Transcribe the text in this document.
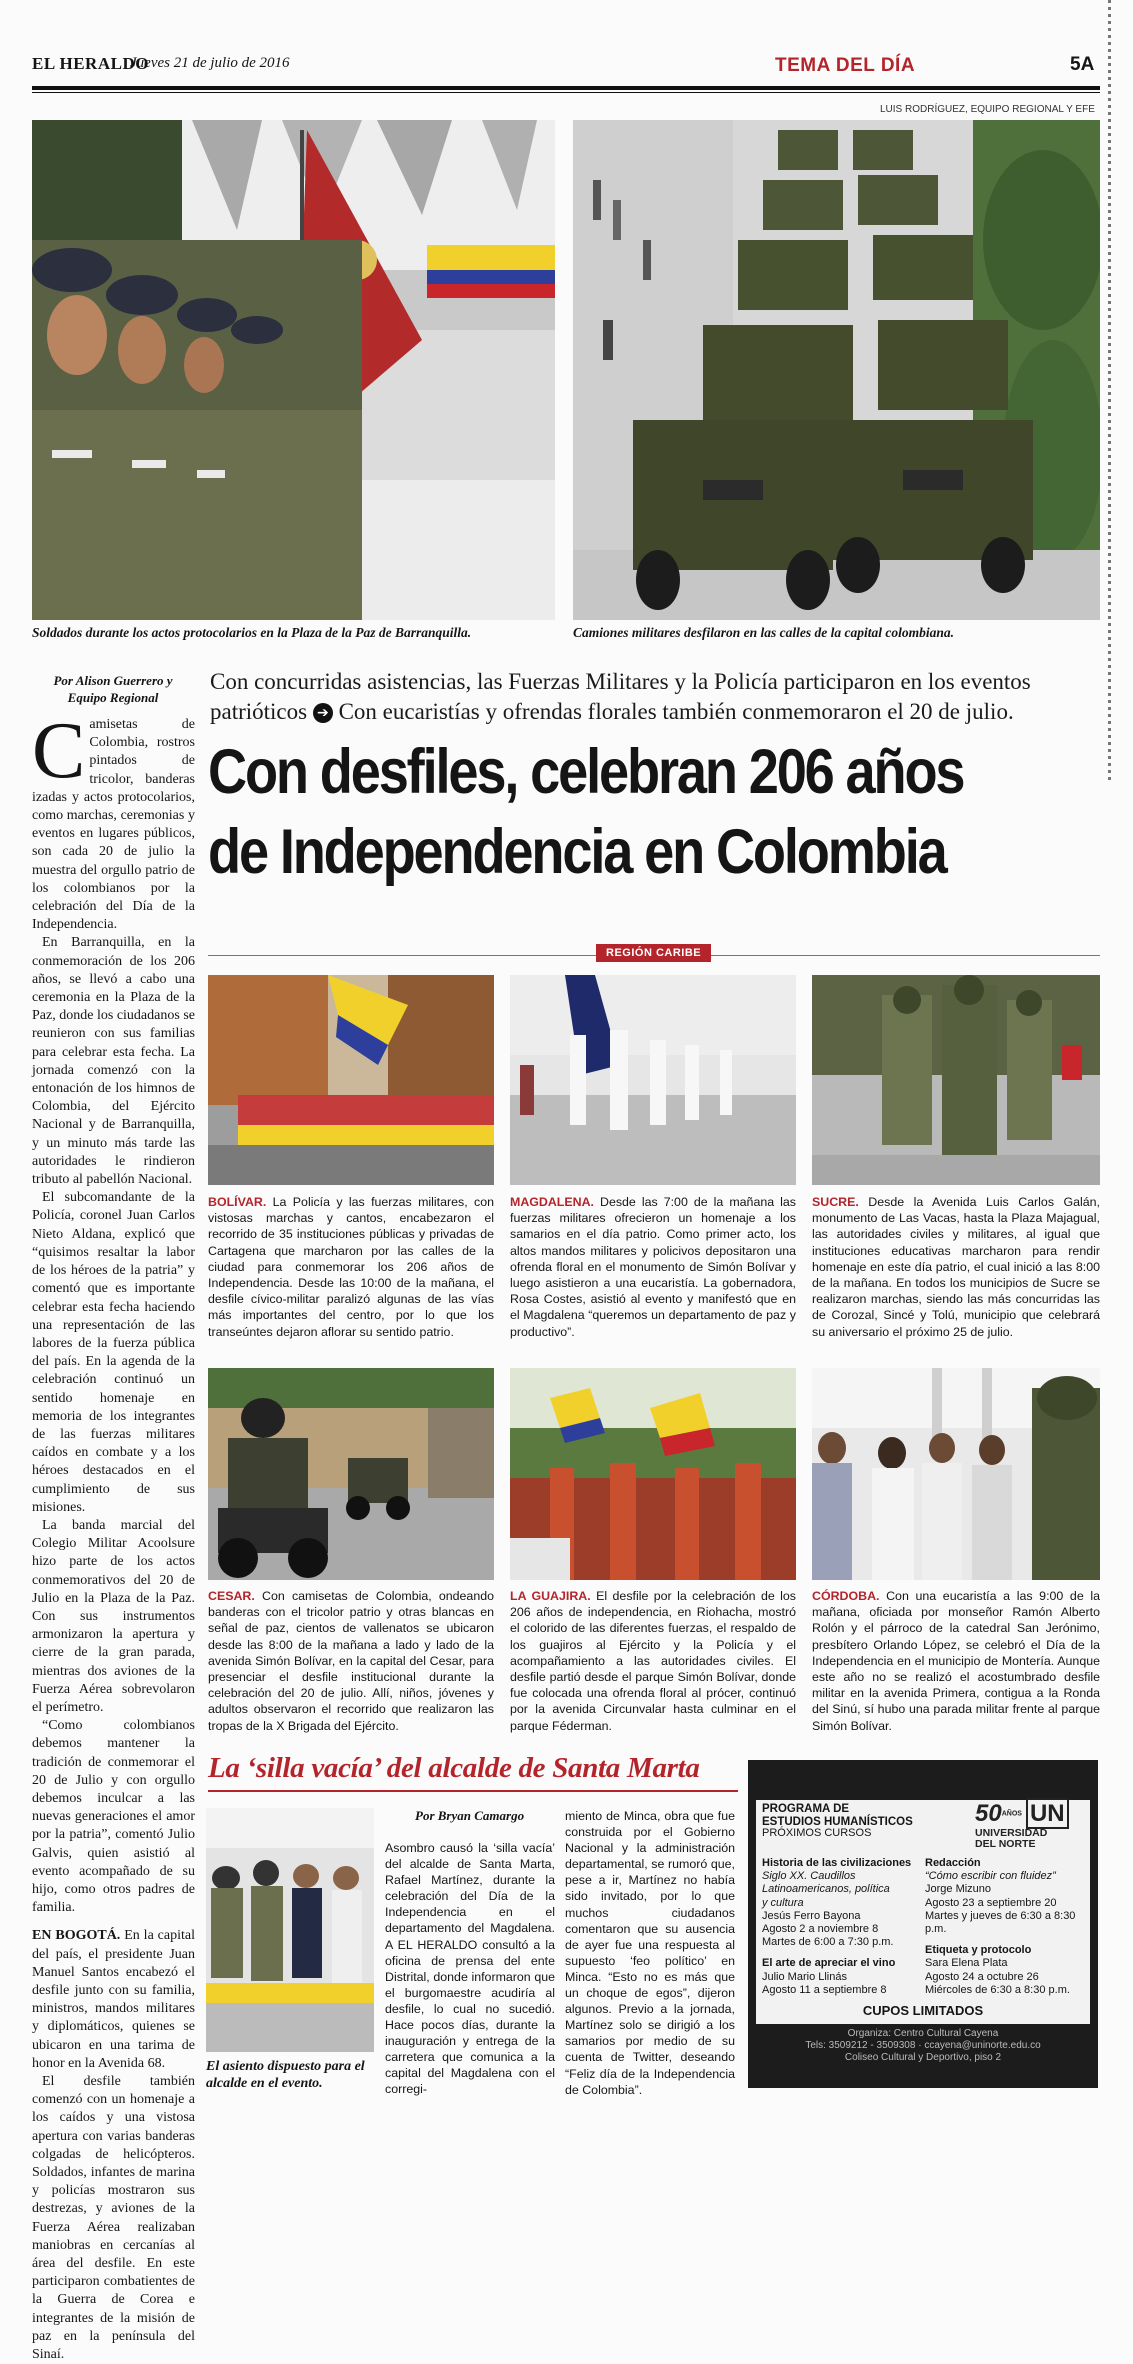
EL HERALDO
Jueves 21 de julio de 2016	TEMA DEL DÍA	5A
LUIS RODRÍGUEZ, EQUIPO REGIONAL Y EFE
Soldados durante los actos protocolarios en la Plaza de la Paz de Barranquilla.	Camiones militares desfilaron en las calles de la capital colombiana.
Por Alison Guerrero y Equipo Regional
Con concurridas asistencias, las Fuerzas Militares y la Policía participaron en los eventos patrióticos ➔ Con eucaristías y ofrendas florales también conmemoraron el 20 de julio.
Con desfiles, celebran 206 años
de Independencia en Colombia
REGIÓN CARIBE

Camisetas de Colombia, rostros pintados de tricolor, banderas izadas y actos protocolarios, como marchas, ceremonias y eventos en lugares públicos, son cada 20 de julio la muestra del orgullo patrio de los colombianos por la celebración del Día de la Independencia.

En Barranquilla, en la conmemoración de los 206 años, se llevó a cabo una ceremonia en la Plaza de la Paz, donde los ciudadanos se reunieron con sus familias para celebrar esta fecha. La jornada comenzó con la entonación de los himnos de Colombia, del Ejército Nacional y de Barranquilla, y un minuto más tarde las autoridades le rindieron tributo al pabellón Nacional.

El subcomandante de la Policía, coronel Juan Carlos Nieto Aldana, explicó que “quisimos resaltar la labor de los héroes de la patria” y comentó que es importante celebrar esta fecha haciendo una representación de las labores de la fuerza pública del país. En la agenda de la celebración continuó un sentido homenaje en memoria de los integrantes de las fuerzas militares caídos en combate y a los héroes destacados en el cumplimiento de sus misiones.

La banda marcial del Colegio Militar Acoolsure hizo parte de los actos conmemorativos del 20 de Julio en la Plaza de la Paz. Con sus instrumentos armonizaron la apertura y cierre de la gran parada, mientras dos aviones de la Fuerza Aérea sobrevolaron el perímetro.

“Como colombianos debemos mantener la tradición de conmemorar el 20 de Julio y con orgullo debemos inculcar a las nuevas generaciones el amor por la patria”, comentó Julio Galvis, quien asistió al evento acompañado de su hijo, como otros padres de familia.

EN BOGOTÁ. En la capital del país, el presidente Juan Manuel Santos encabezó el desfile junto con su familia, ministros, mandos militares y diplomáticos, quienes se ubicaron en una tarima de honor en la Avenida 68.

El desfile también comenzó con un homenaje a los caídos y una vistosa apertura con varias banderas colgadas de helicópteros. Soldados, infantes de marina y policías mostraron sus destrezas, y aviones de la Fuerza Aérea realizaban maniobras en cercanías al área del desfile. En este participaron combatientes de la Guerra de Corea e integrantes de la misión de paz en la península del Sinaí.

BOLÍVAR. La Policía y las fuerzas militares, con vistosas marchas y cantos, encabezaron el recorrido de 35 instituciones públicas y privadas de Cartagena que marcharon por las calles de la ciudad para conmemorar los 206 años de Independencia. Desde las 10:00 de la mañana, el desfile cívico-militar paralizó algunas de las vías más importantes del centro, por lo que los transeúntes dejaron aflorar su sentido patrio.
MAGDALENA. Desde las 7:00 de la mañana las fuerzas militares ofrecieron un homenaje a los samarios en el día patrio. Como primer acto, los altos mandos militares y policivos depositaron una ofrenda floral en el monumento de Simón Bolívar y luego asistieron a una eucaristía. La gobernadora, Rosa Costes, asistió al evento y manifestó que en el Magdalena “queremos un departamento de paz y productivo”.
SUCRE. Desde la Avenida Luis Carlos Galán, monumento de Las Vacas, hasta la Plaza Majagual, las autoridades civiles y militares, al igual que instituciones educativas marcharon para rendir homenaje en este día patrio, el cual inició a las 8:00 de la mañana. En todos los municipios de Sucre se realizaron marchas, siendo las más concurridas las de Corozal, Sincé y Tolú, municipio que celebrará su aniversario el próximo 25 de julio.
CESAR. Con camisetas de Colombia, ondeando banderas con el tricolor patrio y otras blancas en señal de paz, cientos de vallenatos se ubicaron desde las 8:00 de la mañana a lado y lado de la avenida Simón Bolívar, en la capital del Cesar, para presenciar el desfile institucional durante la celebración del 20 de julio. Allí, niños, jóvenes y adultos observaron el recorrido que realizaron las tropas de la X Brigada del Ejército.
LA GUAJIRA. El desfile por la celebración de los 206 años de independencia, en Riohacha, mostró el colorido de las diferentes fuerzas, el respaldo de los guajiros al Ejército y la Policía y el acompañamiento a las autoridades civiles. El desfile partió desde el parque Simón Bolívar, donde fue colocada una ofrenda floral al prócer, continuó por la avenida Circunvalar hasta culminar en el parque Féderman.
CÓRDOBA. Con una eucaristía a las 9:00 de la mañana, oficiada por monseñor Ramón Alberto Rolón y el párroco de la catedral San Jerónimo, presbítero Orlando López, se celebró el Día de la Independencia en el municipio de Montería. Aunque este año no se realizó el acostumbrado desfile militar en la avenida Primera, contigua a la Ronda del Sinú, sí hubo una parada militar frente al parque Simón Bolívar.
La ‘silla vacía’ del alcalde de Santa Marta
El asiento dispuesto para el alcalde en el evento.
Por Bryan Camargo
Asombro causó la ‘silla vacía’ del alcalde de Santa Marta, Rafael Martínez, durante la celebración del Día de la Independencia en el departamento del Magdalena. A EL HERALDO consultó a la oficina de prensa del ente Distrital, donde informaron que el burgomaestre acudiría al desfile, lo cual no sucedió. Hace pocos días, durante la inauguración y entrega de la carretera que comunica a la capital del Magdalena con el corregi-
miento de Minca, obra que fue construida por el Gobierno Nacional y la administración departamental, se rumoró que, pese a ir, Martínez no había sido invitado, por lo que muchos ciudadanos comentaron que su ausencia de ayer fue una respuesta al supuesto ‘feo político’ en Minca. “Esto no es más que un choque de egos”, dijeron algunos. Previo a la jornada, Martínez solo se dirigió a los samarios por medio de su cuenta de Twitter, deseando “Feliz día de la Independencia de Colombia”.
PROGRAMA DE
ESTUDIOS HUMANÍSTICOS
PRÓXIMOS CURSOS
50AÑOS UNUNIVERSIDAD
DEL NORTE
Historia de las civilizaciones
Siglo XX. Caudillos
Latinoamericanos, política
y cultura
Jesús Ferro Bayona
Agosto 2 a noviembre 8
Martes de 6:00 a 7:30 p.m.
El arte de apreciar el vino
Julio Mario Llinás
Agosto 11 a septiembre 8
Redacción
“Cómo escribir con fluidez”
Jorge Mizuno
Agosto 23 a septiembre 20
Martes y jueves de 6:30 a 8:30 p.m.
Etiqueta y protocolo
Sara Elena Plata
Agosto 24 a octubre 26
Miércoles de 6:30 a 8:30 p.m.
CUPOS LIMITADOS
Organiza: Centro Cultural Cayena
Tels: 3509212 - 3509308 · ccayena@uninorte.edu.co
Coliseo Cultural y Deportivo, piso 2
